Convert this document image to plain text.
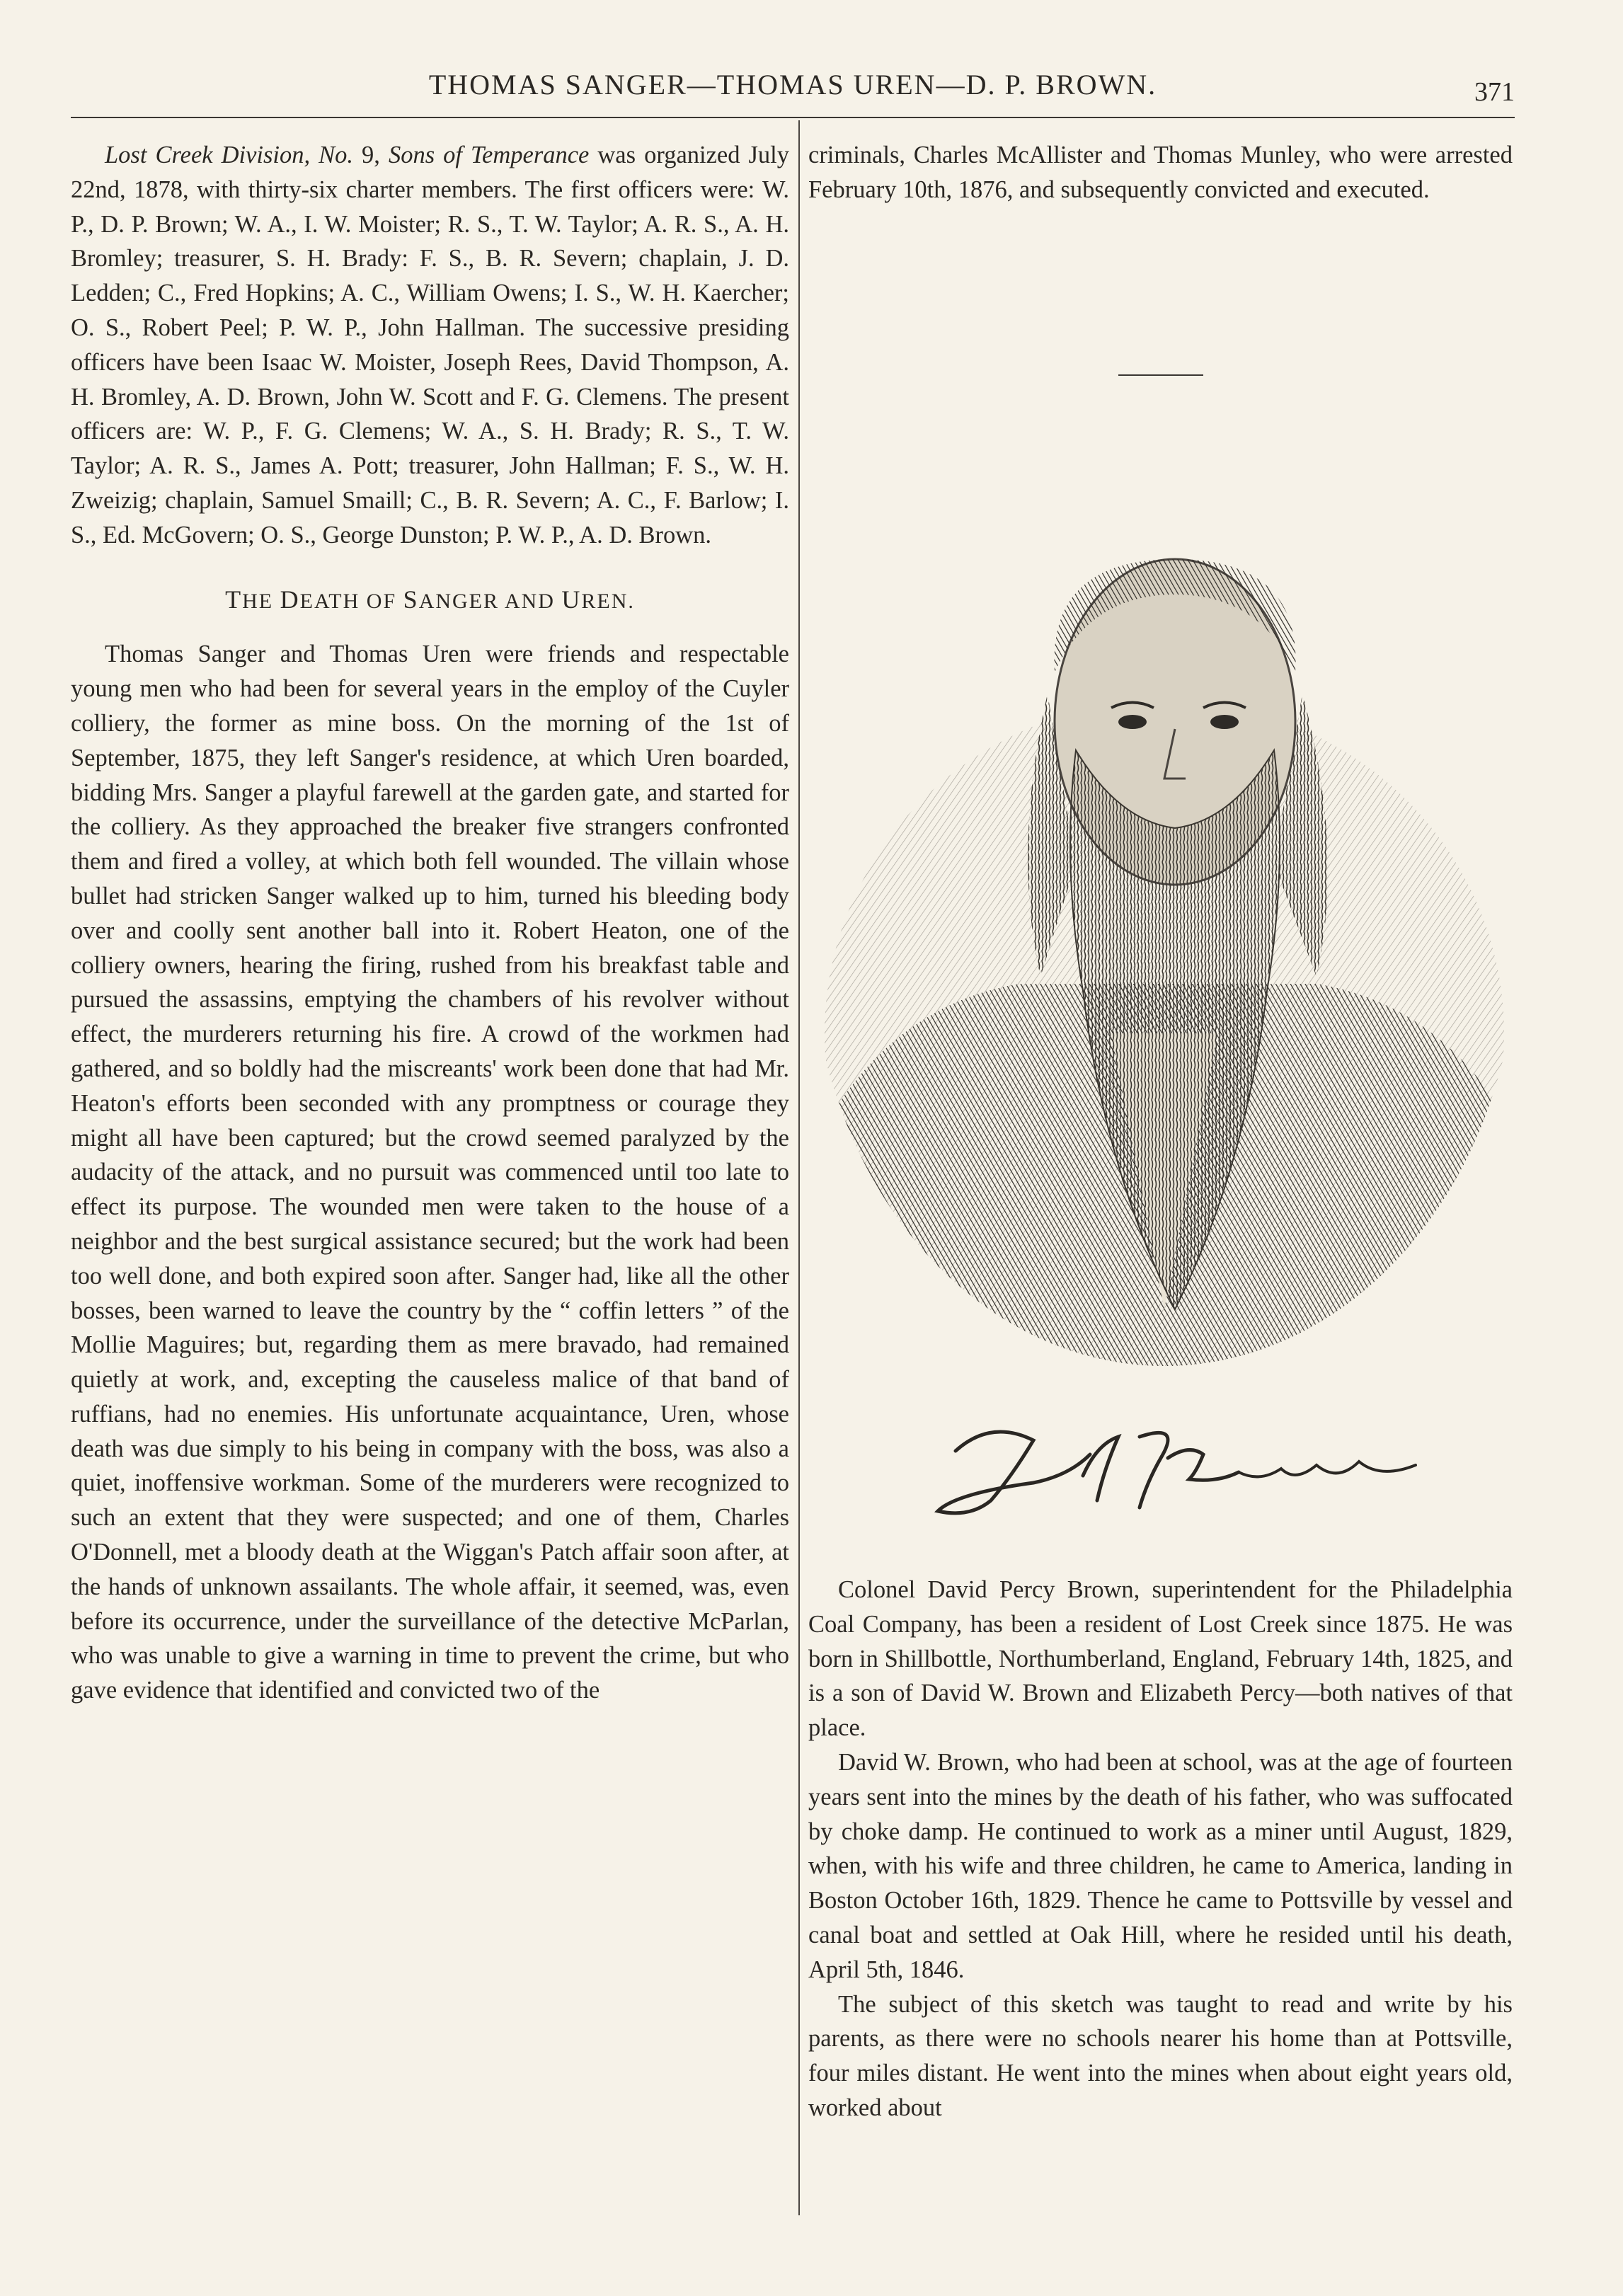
THOMAS SANGER—THOMAS UREN—D. P. BROWN.	371

Lost Creek Division, No. 9, Sons of Temperance was organized July 22nd, 1878, with thirty-six charter members. The first officers were: W. P., D. P. Brown; W. A., I. W. Moister; R. S., T. W. Taylor; A. R. S., A. H. Bromley; treasurer, S. H. Brady: F. S., B. R. Severn; chaplain, J. D. Ledden; C., Fred Hopkins; A. C., William Owens; I. S., W. H. Kaercher; O. S., Robert Peel; P. W. P., John Hallman. The successive presiding officers have been Isaac W. Moister, Joseph Rees, David Thompson, A. H. Bromley, A. D. Brown, John W. Scott and F. G. Clemens. The present officers are: W. P., F. G. Clemens; W. A., S. H. Brady; R. S., T. W. Taylor; A. R. S., James A. Pott; treasurer, John Hallman; F. S., W. H. Zweizig; chaplain, Samuel Smaill; C., B. R. Severn; A. C., F. Barlow; I. S., Ed. McGovern; O. S., George Dunston; P. W. P., A. D. Brown.

THE DEATH OF SANGER AND UREN.

Thomas Sanger and Thomas Uren were friends and respectable young men who had been for several years in the employ of the Cuyler colliery, the former as mine boss. On the morning of the 1st of September, 1875, they left Sanger's residence, at which Uren boarded, bidding Mrs. Sanger a playful farewell at the garden gate, and started for the colliery. As they approached the breaker five strangers confronted them and fired a volley, at which both fell wounded. The villain whose bullet had stricken Sanger walked up to him, turned his bleeding body over and coolly sent another ball into it. Robert Heaton, one of the colliery owners, hearing the firing, rushed from his breakfast table and pursued the assassins, emptying the chambers of his revolver without effect, the murderers returning his fire. A crowd of the workmen had gathered, and so boldly had the miscreants' work been done that had Mr. Heaton's efforts been seconded with any promptness or courage they might all have been captured; but the crowd seemed paralyzed by the audacity of the attack, and no pursuit was commenced until too late to effect its purpose. The wounded men were taken to the house of a neighbor and the best surgical assistance secured; but the work had been too well done, and both expired soon after. Sanger had, like all the other bosses, been warned to leave the country by the “ coffin letters ” of the Mollie Maguires; but, regarding them as mere bravado, had remained quietly at work, and, excepting the causeless malice of that band of ruffians, had no enemies. His unfortunate acquaintance, Uren, whose death was due simply to his being in company with the boss, was also a quiet, inoffensive workman. Some of the murderers were recognized to such an extent that they were suspected; and one of them, Charles O'Donnell, met a bloody death at the Wiggan's Patch affair soon after, at the hands of unknown assailants. The whole affair, it seemed, was, even before its occurrence, under the surveillance of the detective McParlan, who was unable to give a warning in time to prevent the crime, but who gave evidence that identified and convicted two of the

criminals, Charles McAllister and Thomas Munley, who were arrested February 10th, 1876, and subsequently convicted and executed.

Colonel David Percy Brown, superintendent for the Philadelphia Coal Company, has been a resident of Lost Creek since 1875. He was born in Shillbottle, Northumberland, England, February 14th, 1825, and is a son of David W. Brown and Elizabeth Percy—both natives of that place.

David W. Brown, who had been at school, was at the age of fourteen years sent into the mines by the death of his father, who was suffocated by choke damp. He continued to work as a miner until August, 1829, when, with his wife and three children, he came to America, landing in Boston October 16th, 1829. Thence he came to Pottsville by vessel and canal boat and settled at Oak Hill, where he resided until his death, April 5th, 1846.

The subject of this sketch was taught to read and write by his parents, as there were no schools nearer his home than at Pottsville, four miles distant. He went into the mines when about eight years old, worked about
